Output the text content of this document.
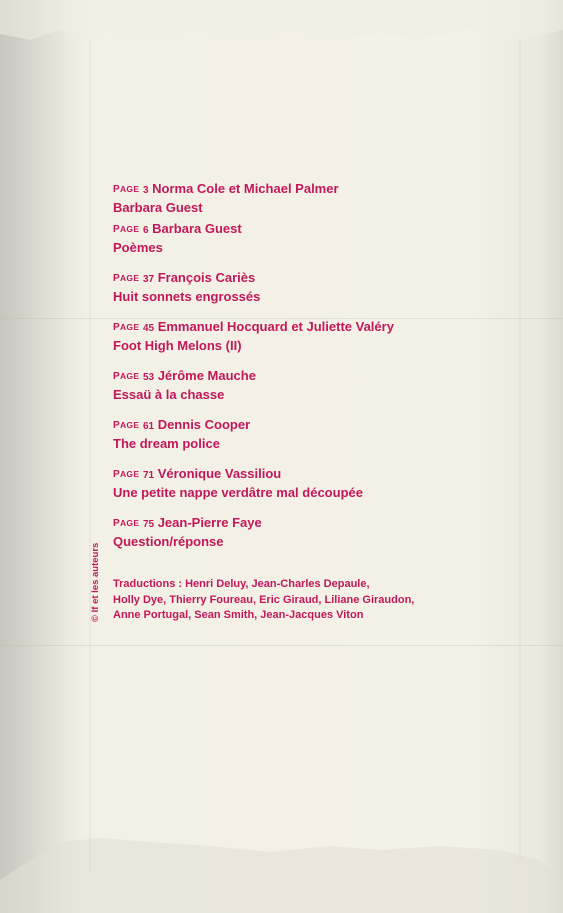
PAGE 3 Norma Cole et Michael Palmer
Barbara Guest
PAGE 6 Barbara Guest
Poèmes
PAGE 37 François Cariès
Huit sonnets engrossés
PAGE 45 Emmanuel Hocquard et Juliette Valéry
Foot High Melons (II)
PAGE 53 Jérôme Mauche
Essaü à la chasse
PAGE 61 Dennis Cooper
The dream police
PAGE 71 Véronique Vassiliou
Une petite nappe verdâtre mal découpée
PAGE 75 Jean-Pierre Faye
Question/réponse
© If et les auteurs Traductions : Henri Deluy, Jean-Charles Depaule,
Holly Dye, Thierry Foureau, Eric Giraud, Liliane Giraudon,
Anne Portugal, Sean Smith, Jean-Jacques Viton
